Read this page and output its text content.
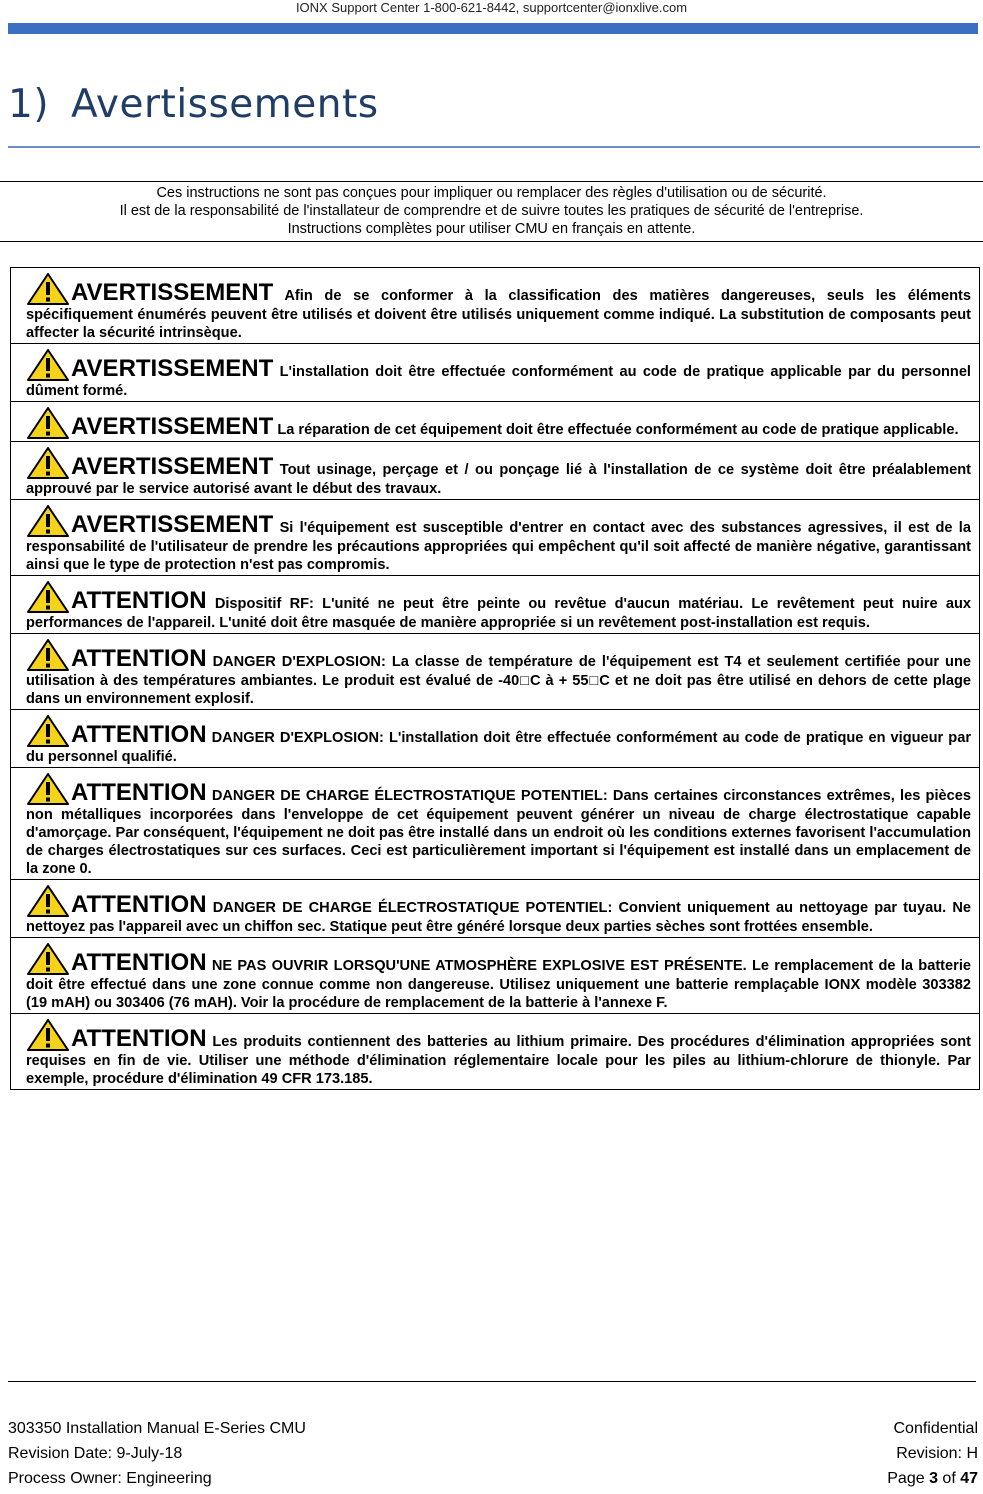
IONX Support Center 1-800-621-8442, supportcenter@ionxlive.com
1) Avertissements
Ces instructions ne sont pas conçues pour impliquer ou remplacer des règles d'utilisation ou de sécurité.
Il est de la responsabilité de l'installateur de comprendre et de suivre toutes les pratiques de sécurité de l'entreprise.
Instructions complètes pour utiliser CMU en français en attente.
AVERTISSEMENT Afin de se conformer à la classification des matières dangereuses, seuls les éléments spécifiquement énumérés peuvent être utilisés et doivent être utilisés uniquement comme indiqué. La substitution de composants peut affecter la sécurité intrinsèque.
AVERTISSEMENT L'installation doit être effectuée conformément au code de pratique applicable par du personnel dûment formé.
AVERTISSEMENT La réparation de cet équipement doit être effectuée conformément au code de pratique applicable.
AVERTISSEMENT Tout usinage, perçage et / ou ponçage lié à l'installation de ce système doit être préalablement approuvé par le service autorisé avant le début des travaux.
AVERTISSEMENT Si l'équipement est susceptible d'entrer en contact avec des substances agressives, il est de la responsabilité de l'utilisateur de prendre les précautions appropriées qui empêchent qu'il soit affecté de manière négative, garantissant ainsi que le type de protection n'est pas compromis.
ATTENTION Dispositif RF: L'unité ne peut être peinte ou revêtue d'aucun matériau. Le revêtement peut nuire aux performances de l'appareil. L'unité doit être masquée de manière appropriée si un revêtement post-installation est requis.
ATTENTION DANGER D'EXPLOSION: La classe de température de l'équipement est T4 et seulement certifiée pour une utilisation à des températures ambiantes. Le produit est évalué de -40□C à + 55□C et ne doit pas être utilisé en dehors de cette plage dans un environnement explosif.
ATTENTION DANGER D'EXPLOSION: L'installation doit être effectuée conformément au code de pratique en vigueur par du personnel qualifié.
ATTENTION DANGER DE CHARGE ÉLECTROSTATIQUE POTENTIEL: Dans certaines circonstances extrêmes, les pièces non métalliques incorporées dans l'enveloppe de cet équipement peuvent générer un niveau de charge électrostatique capable d'amorçage. Par conséquent, l'équipement ne doit pas être installé dans un endroit où les conditions externes favorisent l'accumulation de charges électrostatiques sur ces surfaces. Ceci est particulièrement important si l'équipement est installé dans un emplacement de la zone 0.
ATTENTION DANGER DE CHARGE ÉLECTROSTATIQUE POTENTIEL: Convient uniquement au nettoyage par tuyau. Ne nettoyez pas l'appareil avec un chiffon sec. Statique peut être généré lorsque deux parties sèches sont frottées ensemble.
ATTENTION NE PAS OUVRIR LORSQU'UNE ATMOSPHÈRE EXPLOSIVE EST PRÉSENTE. Le remplacement de la batterie doit être effectué dans une zone connue comme non dangereuse. Utilisez uniquement une batterie remplaçable IONX modèle 303382 (19 mAH) ou 303406 (76 mAH). Voir la procédure de remplacement de la batterie à l'annexe F.
ATTENTION Les produits contiennent des batteries au lithium primaire. Des procédures d'élimination appropriées sont requises en fin de vie. Utiliser une méthode d'élimination réglementaire locale pour les piles au lithium-chlorure de thionyle. Par exemple, procédure d'élimination 49 CFR 173.185.
303350 Installation Manual E-Series CMU	Confidential
Revision Date: 9-July-18	Revision: H
Process Owner: Engineering	Page 3 of 47
